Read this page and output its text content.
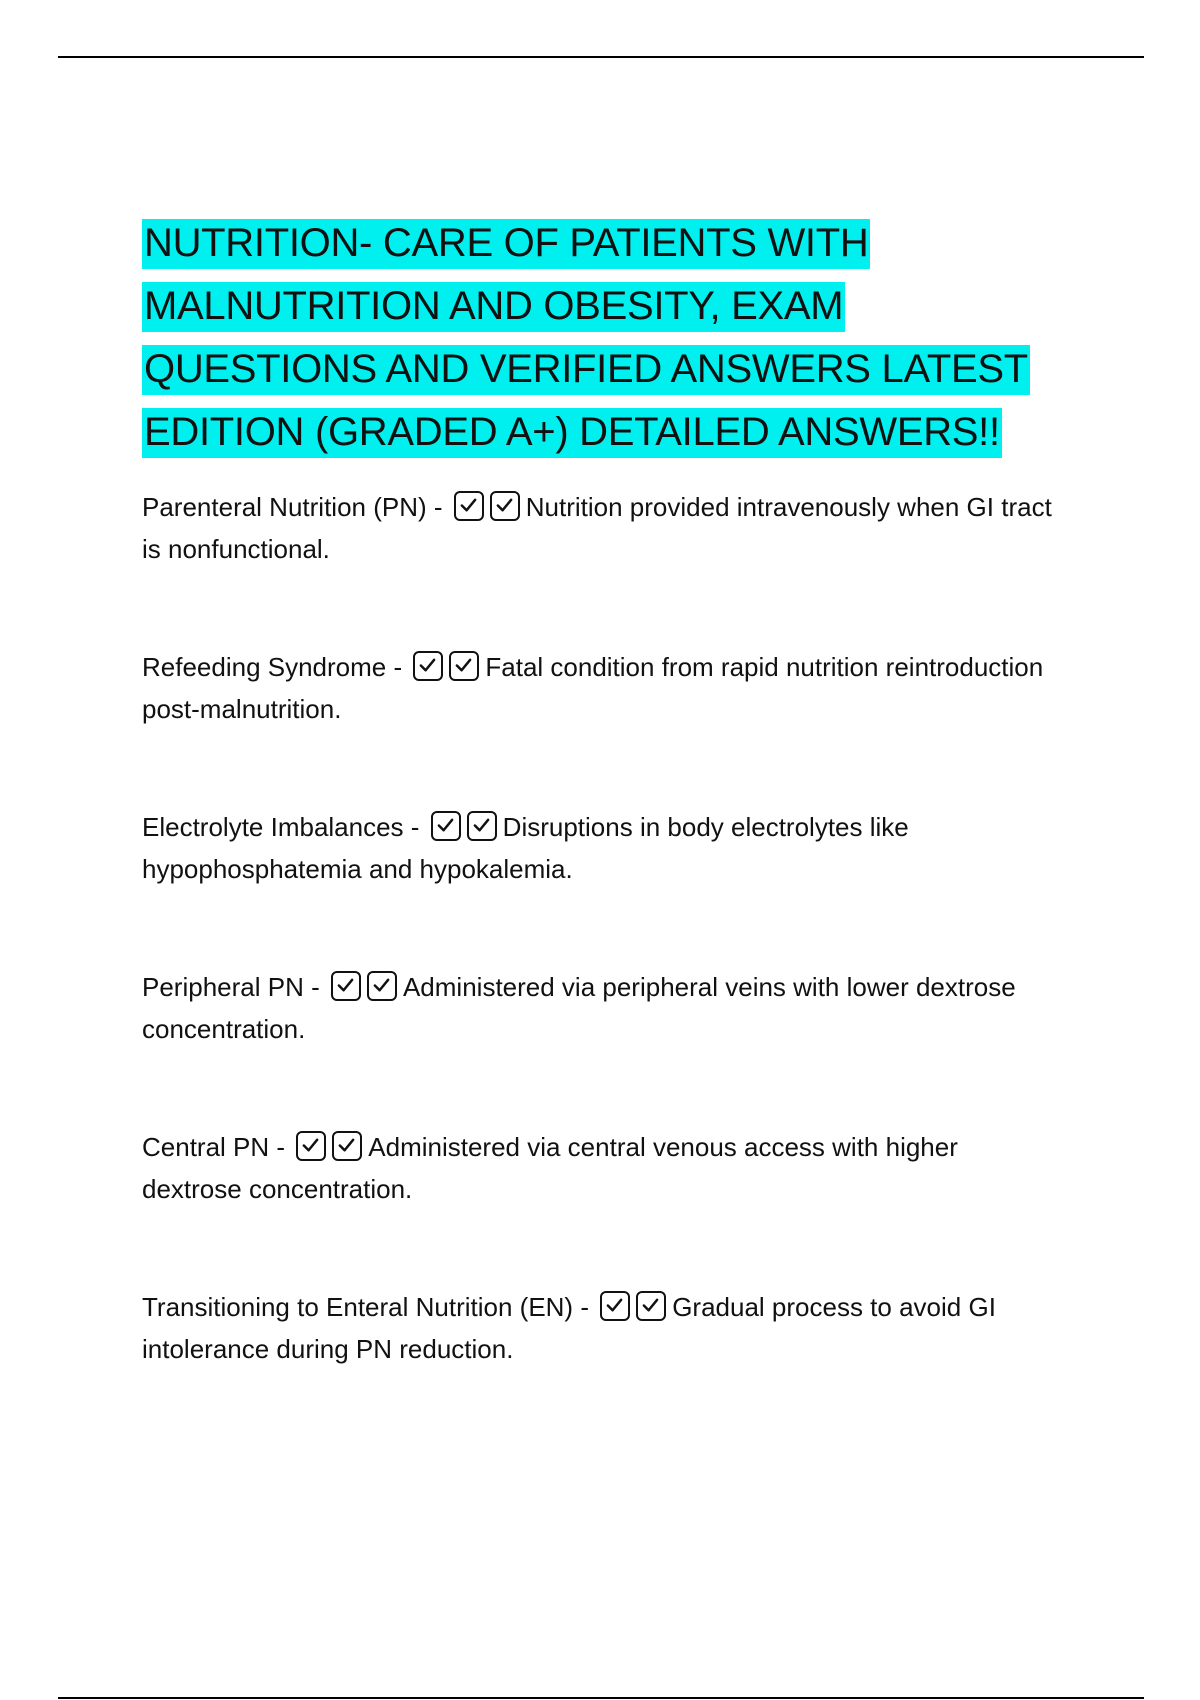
NUTRITION- CARE OF PATIENTS WITH MALNUTRITION AND OBESITY, EXAM QUESTIONS AND VERIFIED ANSWERS LATEST EDITION (GRADED A+) DETAILED ANSWERS!!

Parenteral Nutrition (PN) -	Nutrition provided intravenously when GI tract is nonfunctional.

Refeeding Syndrome -	Fatal condition from rapid nutrition reintroduction post-malnutrition.

Electrolyte Imbalances -	Disruptions in body electrolytes like hypophosphatemia and hypokalemia.

Peripheral PN -	Administered via peripheral veins with lower dextrose concentration.

Central PN -	Administered via central venous access with higher dextrose concentration.

Transitioning to Enteral Nutrition (EN) -	Gradual process to avoid GI intolerance during PN reduction.
